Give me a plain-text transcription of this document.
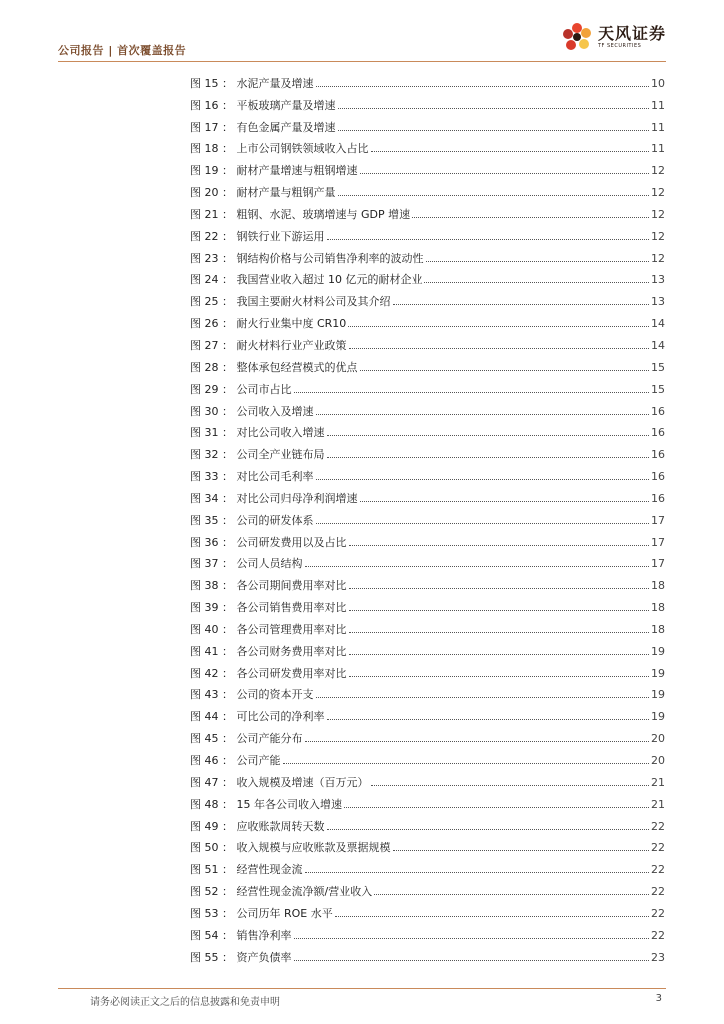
公司报告 | 首次覆盖报告
天风证券
TF SECURITIES
图 15 ： 水泥产量及增速	10
图 16 ： 平板玻璃产量及增速	11
图 17 ： 有色金属产量及增速	11
图 18 ： 上市公司钢铁领域收入占比	11
图 19 ： 耐材产量增速与粗钢增速	12
图 20 ： 耐材产量与粗钢产量	12
图 21 ： 粗钢、水泥、玻璃增速与 GDP 增速	12
图 22 ： 钢铁行业下游运用	12
图 23 ： 钢结构价格与公司销售净利率的波动性	12
图 24 ： 我国营业收入超过 10 亿元的耐材企业	13
图 25 ： 我国主要耐火材料公司及其介绍	13
图 26 ： 耐火行业集中度 CR10	14
图 27 ： 耐火材料行业产业政策	14
图 28 ： 整体承包经营模式的优点	15
图 29 ： 公司市占比	15
图 30 ： 公司收入及增速	16
图 31 ： 对比公司收入增速	16
图 32 ： 公司全产业链布局	16
图 33 ： 对比公司毛利率	16
图 34 ： 对比公司归母净利润增速	16
图 35 ： 公司的研发体系	17
图 36 ： 公司研发费用以及占比	17
图 37 ： 公司人员结构	17
图 38 ： 各公司期间费用率对比	18
图 39 ： 各公司销售费用率对比	18
图 40 ： 各公司管理费用率对比	18
图 41 ： 各公司财务费用率对比	19
图 42 ： 各公司研发费用率对比	19
图 43 ： 公司的资本开支	19
图 44 ： 可比公司的净利率	19
图 45 ： 公司产能分布	20
图 46 ： 公司产能	20
图 47 ： 收入规模及增速（百万元）	21
图 48 ： 15 年各公司收入增速	21
图 49 ： 应收账款周转天数	22
图 50 ： 收入规模与应收账款及票据规模	22
图 51 ： 经营性现金流	22
图 52 ： 经营性现金流净额/营业收入	22
图 53 ： 公司历年 ROE 水平	22
图 54 ： 销售净利率	22
图 55 ： 资产负债率	23
请务必阅读正文之后的信息披露和免责申明	3
